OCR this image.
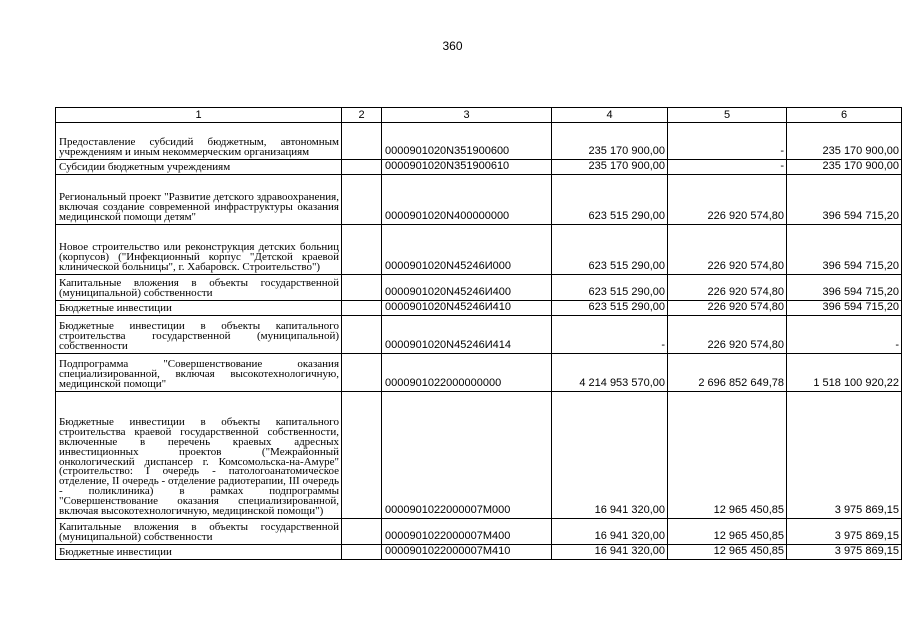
360
1	2	3	4	5	6
Предоставление субсидий бюджетным, автономным учреждениям и иным некоммерческим организациям		0000901020N351900600	235 170 900,00	-	235 170 900,00
Субсидии бюджетным учреждениям		0000901020N351900610	235 170 900,00	-	235 170 900,00
Региональный проект "Развитие детского здравоохранения, включая создание современной инфраструктуры оказания медицинской помощи детям"		0000901020N400000000	623 515 290,00	226 920 574,80	396 594 715,20
Новое строительство или реконструкция детских больниц (корпусов) ("Инфекционный корпус "Детской краевой клинической больницы", г. Хабаровск. Строительство")		0000901020N45246И000	623 515 290,00	226 920 574,80	396 594 715,20
Капитальные вложения в объекты государственной (муниципальной) собственности		0000901020N45246И400	623 515 290,00	226 920 574,80	396 594 715,20
Бюджетные инвестиции		0000901020N45246И410	623 515 290,00	226 920 574,80	396 594 715,20
Бюджетные инвестиции в объекты капитального строительства государственной (муниципальной) собственности		0000901020N45246И414	-	226 920 574,80	-
Подпрограмма "Совершенствование оказания специализированной, включая высокотехнологичную, медицинской помощи"		0000901022000000000	4 214 953 570,00	2 696 852 649,78	1 518 100 920,22
Бюджетные инвестиции в объекты капитального строительства краевой государственной собственности, включенные в перечень краевых адресных инвестиционных проектов ("Межрайонный онкологический диспансер г. Комсомольска-на-Амуре" (строительство: I очередь - патологоанатомическое отделение, II очередь - отделение радиотерапии, III очередь - поликлиника) в рамках подпрограммы "Совершенствование оказания специализированной, включая высокотехнологичную, медицинской помощи")		0000901022000007М000	16 941 320,00	12 965 450,85	3 975 869,15
Капитальные вложения в объекты государственной (муниципальной) собственности		0000901022000007М400	16 941 320,00	12 965 450,85	3 975 869,15
Бюджетные инвестиции		0000901022000007М410	16 941 320,00	12 965 450,85	3 975 869,15
